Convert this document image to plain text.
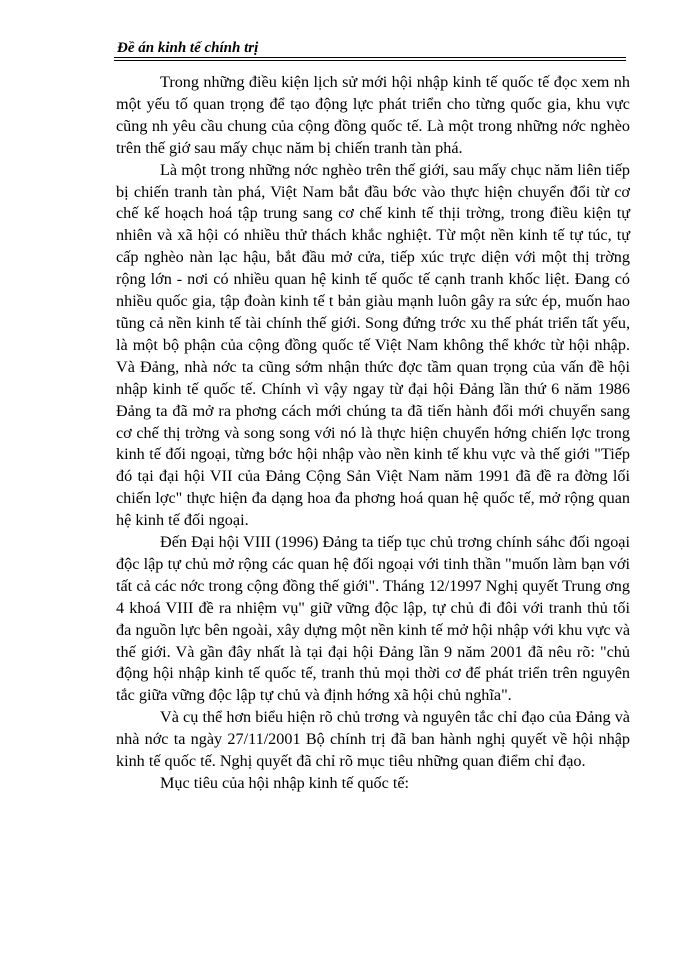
Đề án kinh tế chính trị

Trong những điều kiện lịch sử mới hội nhập kinh tế quốc tế đọc xem nh một yếu tố quan trọng để tạo động lực phát triển cho từng quốc gia, khu vực cũng nh yêu cầu chung của cộng đồng quốc tế. Là một trong những nớc nghèo trên thế giớ sau mấy chục năm bị chiến tranh tàn phá.

Là một trong những nớc nghèo trên thế giới, sau mấy chục năm liên tiếp bị chiến tranh tàn phá, Việt Nam bắt đầu bớc vào thực hiện chuyển đổi từ cơ chế kế hoạch hoá tập trung sang cơ chế kinh tế thịi trờng, trong điều kiện tự nhiên và xã hội có nhiều thử thách khắc nghiệt. Từ một nền kinh tế tự túc, tự cấp nghèo nàn lạc hậu, bắt đầu mở cửa, tiếp xúc trực diện với một thị trờng rộng lớn - nơi có nhiều quan hệ kinh tế quốc tế cạnh tranh khốc liệt. Đang có nhiều quốc gia, tập đoàn kinh tế t bản giàu mạnh luôn gây ra sức ép, muốn hao tũng cả nền kinh tế tài chính thế giới. Song đứng trớc xu thế phát triển tất yếu, là một bộ phận của cộng đồng quốc tế Việt Nam không thể khớc từ hội nhập. Và Đảng, nhà nớc ta cũng sớm nhận thức đợc tầm quan trọng của vấn đề hội nhập kinh tế quốc tế. Chính vì vậy ngay từ đại hội Đảng lần thứ 6 năm 1986 Đảng ta đã mở ra phơng cách mới chúng ta đã tiến hành đổi mới chuyển sang cơ chế thị trờng và song song với nó là thực hiện chuyển hớng chiến lợc trong kinh tế đối ngoại, từng bớc hội nhập vào nền kinh tế khu vực và thế giới "Tiếp đó tại đại hội VII của Đảng Cộng Sản Việt Nam năm 1991 đã đề ra đờng lối chiến lợc" thực hiện đa dạng hoa đa phơng hoá quan hệ quốc tế, mở rộng quan hệ kinh tế đối ngoại.

Đến Đại hội VIII (1996) Đảng ta tiếp tục chủ trơng chính sáhc đối ngoại độc lập tự chủ mở rộng các quan hệ đối ngoại với tinh thần "muốn làm bạn với tất cả các nớc trong cộng đồng thế giới". Tháng 12/1997 Nghị quyết Trung ơng 4 khoá VIII đề ra nhiệm vụ" giữ vững độc lập, tự chủ đi đôi với tranh thủ tối đa nguồn lực bên ngoài, xây dựng một nền kinh tế mở hội nhập với khu vực và thế giới. Và gần đây nhất là tại đại hội Đảng lần 9 năm 2001 đã nêu rõ: "chủ động hội nhập kinh tế quốc tế, tranh thủ mọi thời cơ để phát triển trên nguyên tắc giữa vững độc lập tự chủ và định hớng xã hội chủ nghĩa".

Và cụ thể hơn biểu hiện rõ chủ trơng và nguyên tắc chỉ đạo của Đảng và nhà nớc ta ngày 27/11/2001 Bộ chính trị đã ban hành nghị quyết về hội nhập kinh tế quốc tế. Nghị quyết đã chỉ rõ mục tiêu những quan điểm chỉ đạo.

Mục tiêu của hội nhập kinh tế quốc tế:
